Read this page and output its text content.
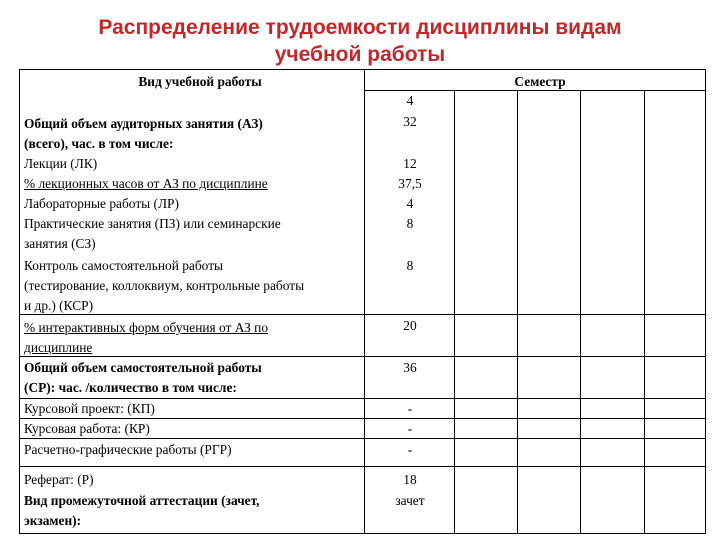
Распределение трудоемкости дисциплины видам
учебной работы
Вид учебной работы	Семестр
4
Общий объем аудиторных занятия (АЗ)
(всего), час. в том числе:
Лекции (ЛК)
% лекционных часов от АЗ по дисциплине
Лабораторные работы (ЛР)
Практические занятия (ПЗ) или семинарские
занятия (СЗ)
Контроль самостоятельной работы
(тестирование, коллоквиум, контрольные работы
и др.) (КСР)
% интерактивных форм обучения от АЗ по
дисциплине
Общий объем самостоятельной работы
(СР): час. /количество в том числе:
Курсовой проект: (КП)
Курсовая работа: (КР)
Расчетно-графические работы (РГР)
Реферат: (Р)
Вид промежуточной аттестации (зачет,
экзамен):
32
12
37,5
4
8
8
20
36
-
-
-
18
зачет
